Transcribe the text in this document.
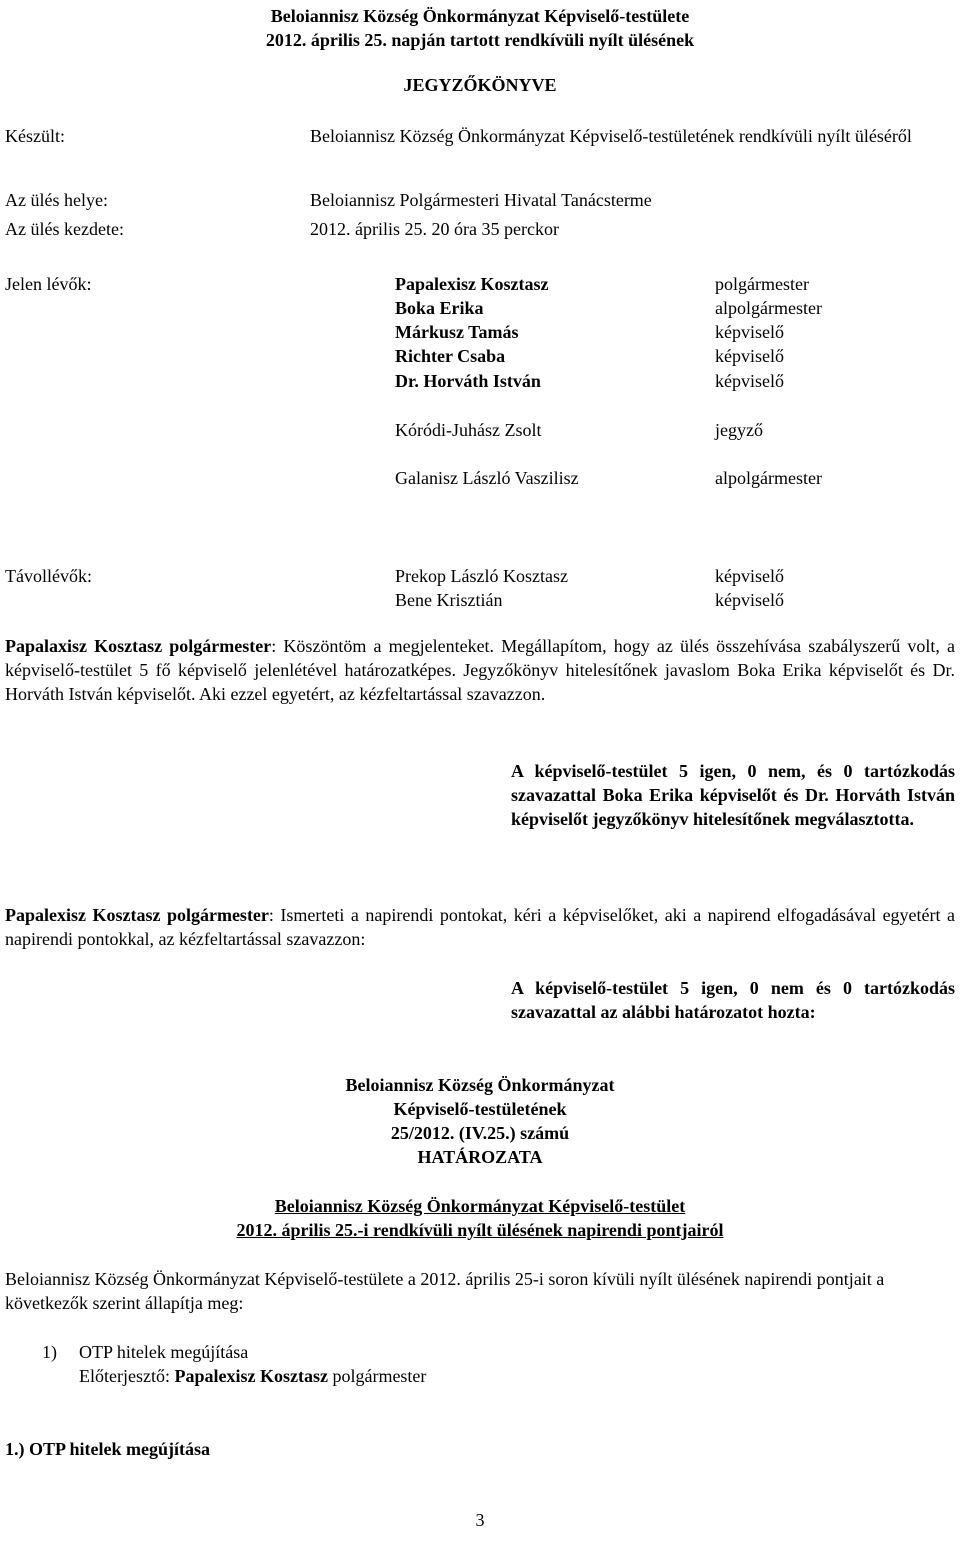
Beloiannisz Község Önkormányzat Képviselő-testülete
2012. április 25. napján tartott rendkívüli nyílt ülésének
JEGYZŐKÖNYVE
Készült:	Beloiannisz Község Önkormányzat Képviselő-testületének rendkívüli nyílt üléséről
Az ülés helye:	Beloiannisz Polgármesteri Hivatal Tanácsterme
Az ülés kezdete:	2012. április 25. 20 óra 35 perckor
Jelen lévők:	Papalexisz Kosztasz	polgármester
Boka Erika	alpolgármester
Márkusz Tamás	képviselő
Richter Csaba	képviselő
Dr. Horváth István	képviselő
Kóródi-Juhász Zsolt	jegyző
Galanisz László Vaszilisz	alpolgármester
Távollévők:	Prekop László Kosztasz	képviselő
Bene Krisztián	képviselő
Papalaxisz Kosztasz polgármester: Köszöntöm a megjelenteket. Megállapítom, hogy az ülés összehívása szabályszerű volt, a képviselő-testület 5 fő képviselő jelenlétével határozatképes. Jegyzőkönyv hitelesítőnek javaslom Boka Erika képviselőt és Dr. Horváth István képviselőt. Aki ezzel egyetért, az kézfeltartással szavazzon.
A képviselő-testület 5 igen, 0 nem, és 0 tartózkodás szavazattal Boka Erika képviselőt és Dr. Horváth István képviselőt jegyzőkönyv hitelesítőnek megválasztotta.
Papalexisz Kosztasz polgármester: Ismerteti a napirendi pontokat, kéri a képviselőket, aki a napirend elfogadásával egyetért a napirendi pontokkal, az kézfeltartással szavazzon:
A képviselő-testület 5 igen, 0 nem és 0 tartózkodás szavazattal az alábbi határozatot hozta:
Beloiannisz Község Önkormányzat
Képviselő-testületének
25/2012. (IV.25.) számú
HATÁROZATA
Beloiannisz Község Önkormányzat Képviselő-testület
2012. április 25.-i rendkívüli nyílt ülésének napirendi pontjairól
Beloiannisz Község Önkormányzat Képviselő-testülete a 2012. április 25-i soron kívüli nyílt ülésének napirendi pontjait a következők szerint állapítja meg:
1) OTP hitelek megújítása
Előterjesztő: Papalexisz Kosztasz polgármester
1.) OTP hitelek megújítása
3
